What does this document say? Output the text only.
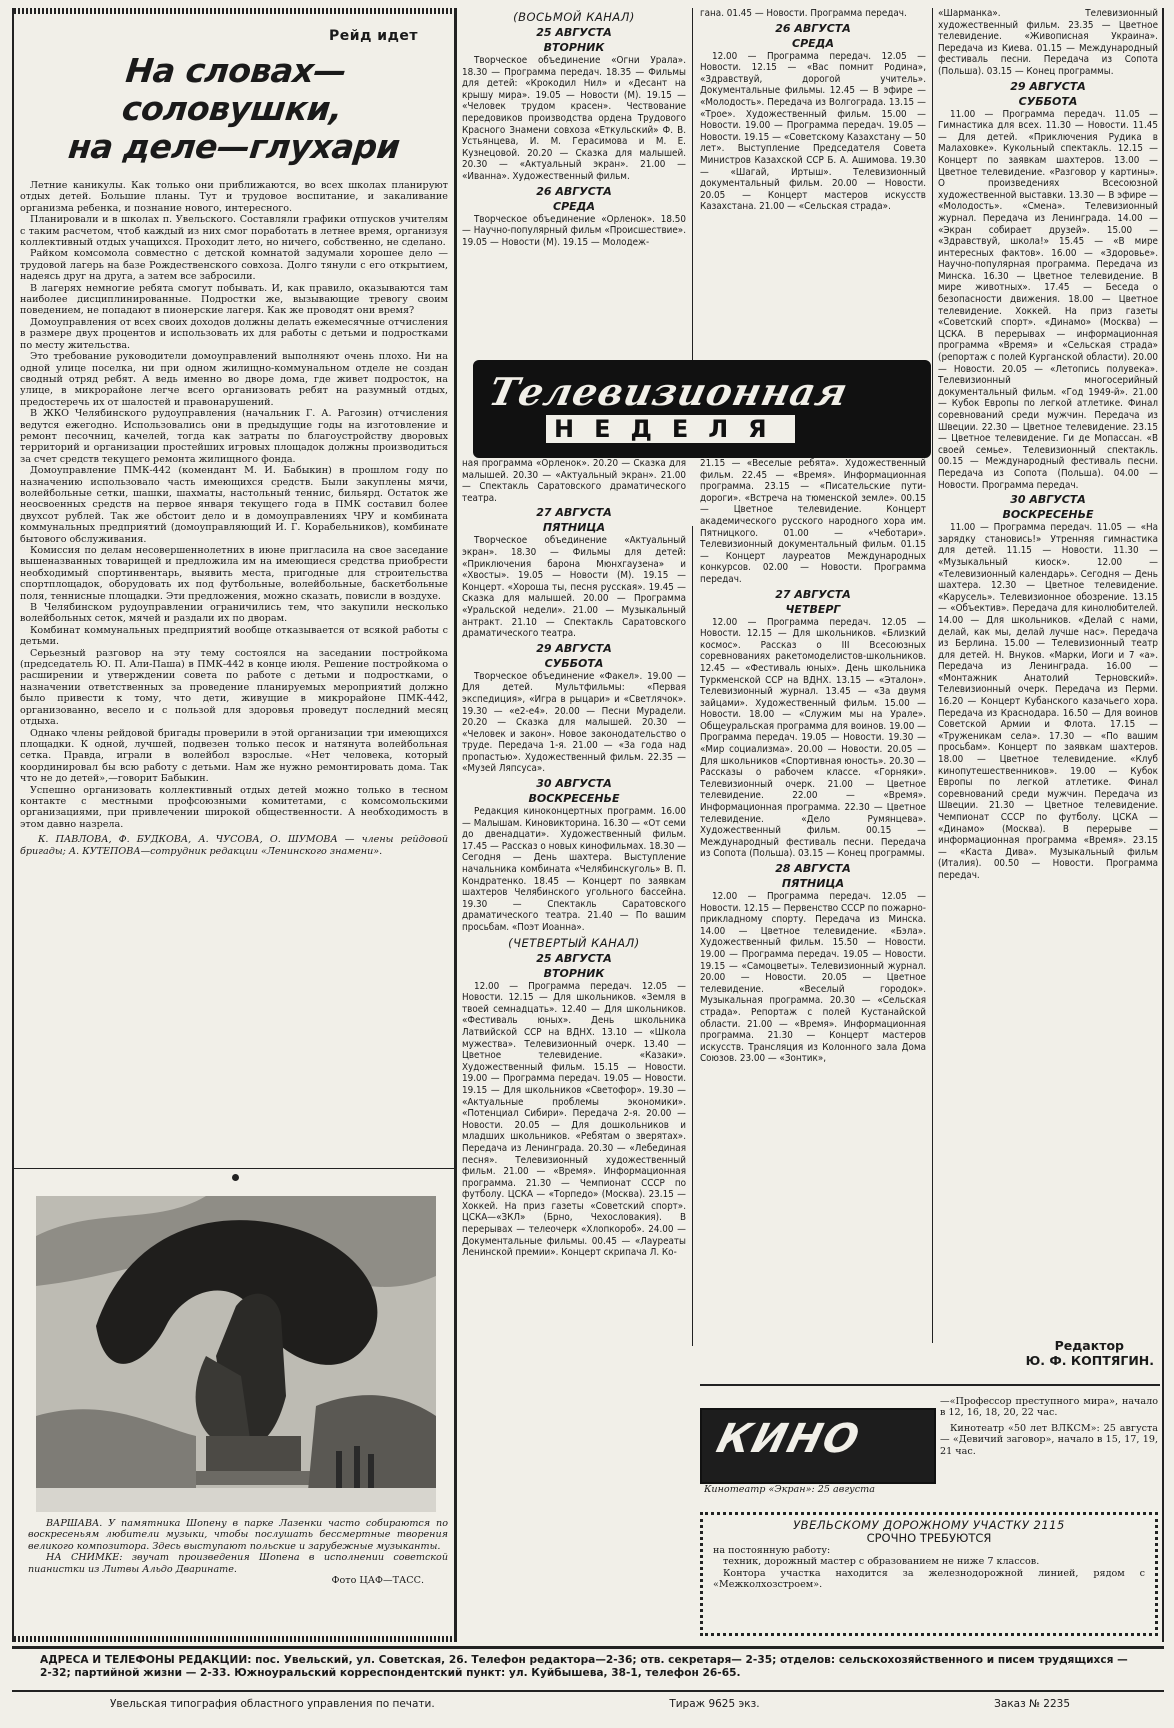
Рейд идет
На словах—соловушки,
на деле—глухари

Летние каникулы. Как только они приближаются, во всех школах планируют отдых детей. Большие планы. Тут и трудовое воспитание, и закаливание организма ребенка, и познание нового, интересного.

Планировали и в школах п. Увельского. Составляли графики отпусков учителям с таким расчетом, чтоб каждый из них смог поработать в летнее время, организуя коллективный отдых учащихся. Проходит лето, но ничего, собственно, не сделано.

Райком комсомола совместно с детской комнатой задумали хорошее дело — трудовой лагерь на базе Рождественского совхоза. Долго тянули с его открытием, надеясь друг на друга, а затем все забросили.

В лагерях немногие ребята смогут побывать. И, как правило, оказываются там наиболее дисциплинированные. Подростки же, вызывающие тревогу своим поведением, не попадают в пионерские лагеря. Как же проводят они время?

Домоуправления от всех своих доходов должны делать ежемесячные отчисления в размере двух процентов и использовать их для работы с детьми и подростками по месту жительства.

Это требование руководители домоуправлений выполняют очень плохо. Ни на одной улице поселка, ни при одном жилищно-коммунальном отделе не создан сводный отряд ребят. А ведь именно во дворе дома, где живет подросток, на улице, в микрорайоне легче всего организовать ребят на разумный отдых, предостеречь их от шалостей и правонарушений.

В ЖКО Челябинского рудоуправления (начальник Г. А. Рагозин) отчисления ведутся ежегодно. Использовались они в предыдущие годы на изготовление и ремонт песочниц, качелей, тогда как затраты по благоустройству дворовых территорий и организации простейших игровых площадок должны производиться за счет средств текущего ремонта жилищного фонда.

Домоуправление ПМК-442 (комендант М. И. Бабыкин) в прошлом году по назначению использовало часть имеющихся средств. Были закуплены мячи, волейбольные сетки, шашки, шахматы, настольный теннис, бильярд. Остаток же неосвоенных средств на первое января текущего года в ПМК составил более двухсот рублей. Так же обстоит дело и в домоуправлениях ЧРУ и комбината коммунальных предприятий (домоуправляющий И. Г. Корабельников), комбинате бытового обслуживания.

Комиссия по делам несовершеннолетних в июне пригласила на свое заседание вышеназванных товарищей и предложила им на имеющиеся средства приобрести необходимый спортинвентарь, выявить места, пригодные для строительства спортплощадок, оборудовать их под футбольные, волейбольные, баскетбольные поля, теннисные площадки. Эти предложения, можно сказать, повисли в воздухе.

В Челябинском рудоуправлении ограничились тем, что закупили несколько волейбольных сеток, мячей и раздали их по дворам.

Комбинат коммунальных предприятий вообще отказывается от всякой работы с детьми.

Серьезный разговор на эту тему состоялся на заседании постройкома (председатель Ю. П. Али-Паша) в ПМК-442 в конце июля. Решение постройкома о расширении и утверждении совета по работе с детьми и подростками, о назначении ответственных за проведение планируемых мероприятий должно было привести к тому, что дети, живущие в микрорайоне ПМК-442, организованно, весело и с пользой для здоровья проведут последний месяц отдыха.

Однако члены рейдовой бригады проверили в этой организации три имеющихся площадки. К одной, лучшей, подвезен только песок и натянута волейбольная сетка. Правда, играли в волейбол взрослые. «Нет человека, который координировал бы всю работу с детьми. Нам же нужно ремонтировать дома. Так что не до детей»,—говорит Бабыкин.

Успешно организовать коллективный отдых детей можно только в тесном контакте с местными профсоюзными комитетами, с комсомольскими организациями, при привлечении широкой общественности. А необходимость в этом давно назрела.

К. ПАВЛОВА, Ф. БУДКОВА, А. ЧУСОВА, О. ШУМОВА — члены рейдовой бригады; А. КУТЕПОВА—сотрудник редакции «Ленинского знамени».

ВАРШАВА. У памятника Шопену в парке Лазенки часто собираются по воскресеньям любители музыки, чтобы послушать бессмертные творения великого композитора. Здесь выступают польские и зарубежные музыканты.

НА СНИМКЕ: звучат произведения Шопена в исполнении советской пианистки из Литвы Альдо Дваринате.

Фото ЦАФ—ТАСС.

(ВОСЬМОЙ КАНАЛ)
25 АВГУСТА
ВТОРНИК

Творческое объединение «Огни Урала». 18.30 — Программа передач. 18.35 — Фильмы для детей: «Крокодил Нил» и «Десант на крышу мира». 19.05 — Новости (М). 19.15 — «Человек трудом красен». Чествование передовиков производства ордена Трудового Красного Знамени совхоза «Еткульский» Ф. В. Устьянцева, И. М. Герасимова и М. Е. Кузнецовой. 20.20 — Сказка для малышей. 20.30 — «Актуальный экран». 21.00 — «Иванна». Художественный фильм.

26 АВГУСТА
СРЕДА

Творческое объединение «Орленок». 18.50 — Научно-популярный фильм «Происшествие». 19.05 — Новости (М). 19.15 — Молодеж-

гана. 01.45 — Новости. Программа передач.

26 АВГУСТА
СРЕДА

12.00 — Программа передач. 12.05 — Новости. 12.15 — «Вас помнит Родина», «Здравствуй, дорогой учитель». Документальные фильмы. 12.45 — В эфире — «Молодость». Передача из Волгограда. 13.15 — «Трое». Художественный фильм. 15.00 — Новости. 19.00 — Программа передач. 19.05 — Новости. 19.15 — «Советскому Казахстану — 50 лет». Выступление Председателя Совета Министров Казахской ССР Б. А. Ашимова. 19.30 — «Шагай, Иртыш». Телевизионный документальный фильм. 20.00 — Новости. 20.05 — Концерт мастеров искусств Казахстана. 21.00 — «Сельская страда».

Телевизионная
НЕДЕЛЯ

ная программа «Орленок». 20.20 — Сказка для малышей. 20.30 — «Актуальный экран». 21.00 — Спектакль Саратовского драматического театра.

27 АВГУСТА
ПЯТНИЦА

Творческое объединение «Актуальный экран». 18.30 — Фильмы для детей: «Приключения барона Мюнхгаузена» и «Хвосты». 19.05 — Новости (М). 19.15 — Концерт. «Хороша ты, песня русская». 19.45 — Сказка для малышей. 20.00 — Программа «Уральской недели». 21.00 — Музыкальный антракт. 21.10 — Спектакль Саратовского драматического театра.

29 АВГУСТА
СУББОТА

Творческое объединение «Факел». 19.00 — Для детей. Мультфильмы: «Первая экспедиция», «Игра в рыцари» и «Светлячок». 19.30 — «е2-е4». 20.00 — Песни Мурадели. 20.20 — Сказка для малышей. 20.30 — «Человек и закон». Новое законодательство о труде. Передача 1-я. 21.00 — «За года над пропастью». Художественный фильм. 22.35 — «Музей Ляпсуса».

30 АВГУСТА
ВОСКРЕСЕНЬЕ

Редакция киноконцертных программ. 16.00 — Малышам. Киновикторина. 16.30 — «От семи до двенадцати». Художественный фильм. 17.45 — Рассказ о новых кинофильмах. 18.30 — Сегодня — День шахтера. Выступление начальника комбината «Челябинскуголь» В. П. Кондратенко. 18.45 — Концерт по заявкам шахтеров Челябинского угольного бассейна. 19.30 — Спектакль Саратовского драматического театра. 21.40 — По вашим просьбам. «Поэт Иоанна».

(ЧЕТВЕРТЫЙ КАНАЛ)
25 АВГУСТА
ВТОРНИК

12.00 — Программа передач. 12.05 — Новости. 12.15 — Для школьников. «Земля в твоей семнадцать». 12.40 — Для школьников. «Фестиваль юных». День школьника Латвийской ССР на ВДНХ. 13.10 — «Школа мужества». Телевизионный очерк. 13.40 — Цветное телевидение. «Казаки». Художественный фильм. 15.15 — Новости. 19.00 — Программа передач. 19.05 — Новости. 19.15 — Для школьников «Светофор». 19.30 — «Актуальные проблемы экономики». «Потенциал Сибири». Передача 2-я. 20.00 — Новости. 20.05 — Для дошкольников и младших школьников. «Ребятам о зверятах». Передача из Ленинграда. 20.30 — «Лебединая песня». Телевизионный художественный фильм. 21.00 — «Время». Информационная программа. 21.30 — Чемпионат СССР по футболу. ЦСКА — «Торпедо» (Москва). 23.15 — Хоккей. На приз газеты «Советский спорт». ЦСКА—«ЗКЛ» (Брно, Чехословакия). В перерывах — телеочерк «Хлопкороб». 24.00 — Документальные фильмы. 00.45 — «Лауреаты Ленинской премии». Концерт скрипача Л. Ко-

21.15 — «Веселые ребята». Художественный фильм. 22.45 — «Время». Информационная программа. 23.15 — «Писательские пути-дороги». «Встреча на тюменской земле». 00.15 — Цветное телевидение. Концерт академического русского народного хора им. Пятницкого. 01.00 — «Чеботари». Телевизионный документальный фильм. 01.15 — Концерт лауреатов Международных конкурсов. 02.00 — Новости. Программа передач.

27 АВГУСТА
ЧЕТВЕРГ

12.00 — Программа передач. 12.05 — Новости. 12.15 — Для школьников. «Близкий космос». Рассказ о III Всесоюзных соревнованиях ракетомоделистов-школьников. 12.45 — «Фестиваль юных». День школьника Туркменской ССР на ВДНХ. 13.15 — «Эталон». Телевизионный журнал. 13.45 — «За двумя зайцами». Художественный фильм. 15.00 — Новости. 18.00 — «Служим мы на Урале». Общеуральская программа для воинов. 19.00 — Программа передач. 19.05 — Новости. 19.30 — «Мир социализма». 20.00 — Новости. 20.05 — Для школьников «Спортивная юность». 20.30 — Рассказы о рабочем классе. «Горняки». Телевизионный очерк. 21.00 — Цветное телевидение. 22.00 — «Время». Информационная программа. 22.30 — Цветное телевидение. «Дело Румянцева». Художественный фильм. 00.15 — Международный фестиваль песни. Передача из Сопота (Польша). 03.15 — Конец программы.

28 АВГУСТА
ПЯТНИЦА

12.00 — Программа передач. 12.05 — Новости. 12.15 — Первенство СССР по пожарно-прикладному спорту. Передача из Минска. 14.00 — Цветное телевидение. «Бэла». Художественный фильм. 15.50 — Новости. 19.00 — Программа передач. 19.05 — Новости. 19.15 — «Самоцветы». Телевизионный журнал. 20.00 — Новости. 20.05 — Цветное телевидение. «Веселый городок». Музыкальная программа. 20.30 — «Сельская страда». Репортаж с полей Кустанайской области. 21.00 — «Время». Информационная программа. 21.30 — Концерт мастеров искусств. Трансляция из Колонного зала Дома Союзов. 23.00 — «Зонтик»,

«Шарманка». Телевизионный художественный фильм. 23.35 — Цветное телевидение. «Живописная Украина». Передача из Киева. 01.15 — Международный фестиваль песни. Передача из Сопота (Польша). 03.15 — Конец программы.

29 АВГУСТА
СУББОТА

11.00 — Программа передач. 11.05 — Гимнастика для всех. 11.30 — Новости. 11.45 — Для детей. «Приключения Рудика в Малаховке». Кукольный спектакль. 12.15 — Концерт по заявкам шахтеров. 13.00 — Цветное телевидение. «Разговор у картины». О произведениях Всесоюзной художественной выставки. 13.30 — В эфире — «Молодость». «Смена». Телевизионный журнал. Передача из Ленинграда. 14.00 — «Экран собирает друзей». 15.00 — «Здравствуй, школа!» 15.45 — «В мире интересных фактов». 16.00 — «Здоровье». Научно-популярная программа. Передача из Минска. 16.30 — Цветное телевидение. В мире животных». 17.45 — Беседа о безопасности движения. 18.00 — Цветное телевидение. Хоккей. На приз газеты «Советский спорт». «Динамо» (Москва) — ЦСКА. В перерывах — информационная программа «Время» и «Сельская страда» (репортаж с полей Курганской области). 20.00 — Новости. 20.05 — «Летопись полувека». Телевизионный многосерийный документальный фильм. «Год 1949-й». 21.00 — Кубок Европы по легкой атлетике. Финал соревнований среди мужчин. Передача из Швеции. 22.30 — Цветное телевидение. 23.15 — Цветное телевидение. Ги де Мопассан. «В своей семье». Телевизионный спектакль. 00.15 — Международный фестиваль песни. Передача из Сопота (Польша). 04.00 — Новости. Программа передач.

30 АВГУСТА
ВОСКРЕСЕНЬЕ

11.00 — Программа передач. 11.05 — «На зарядку становись!» Утренняя гимнастика для детей. 11.15 — Новости. 11.30 — «Музыкальный киоск». 12.00 — «Телевизионный календарь». Сегодня — День шахтера. 12.30 — Цветное телевидение. «Карусель». Телевизионное обозрение. 13.15 — «Объектив». Передача для кинолюбителей. 14.00 — Для школьников. «Делай с нами, делай, как мы, делай лучше нас». Передача из Берлина. 15.00 — Телевизионный театр для детей. Н. Внуков. «Марки, Иоги и 7 «а». Передача из Ленинграда. 16.00 — «Монтажник Анатолий Терновский». Телевизионный очерк. Передача из Перми. 16.20 — Концерт Кубанского казачьего хора. Передача из Краснодара. 16.50 — Для воинов Советской Армии и Флота. 17.15 — «Труженикам села». 17.30 — «По вашим просьбам». Концерт по заявкам шахтеров. 18.00 — Цветное телевидение. «Клуб кинопутешественников». 19.00 — Кубок Европы по легкой атлетике. Финал соревнований среди мужчин. Передача из Швеции. 21.30 — Цветное телевидение. Чемпионат СССР по футболу. ЦСКА — «Динамо» (Москва). В перерыве — информационная программа «Время». 23.15 — «Каста Дива». Музыкальный фильм (Италия). 00.50 — Новости. Программа передач.

Редактор
Ю. Ф. КОПТЯГИН.
КИНО

Кинотеатр «Экран»: 25 августа

—«Профессор преступного мира», начало в 12, 16, 18, 20, 22 час.

Кинотеатр «50 лет ВЛКСМ»: 25 августа — «Девичий заговор», начало в 15, 17, 19, 21 час.

УВЕЛЬСКОМУ ДОРОЖНОМУ УЧАСТКУ 2115
СРОЧНО ТРЕБУЮТСЯ

на постоянную работу:

техник, дорожный мастер с образованием не ниже 7 классов.

Контора участка находится за железнодорожной линией, рядом с «Межколхозстроем».

АДРЕСА И ТЕЛЕФОНЫ РЕДАКЦИИ: пос. Увельский, ул. Советская, 26. Телефон редактора—2-36; отв. секретаря— 2-35; отделов: сельскохозяйственного и писем трудящихся — 2-32; партийной жизни — 2-33. Южноуральский корреспондентский пункт: ул. Куйбышева, 38-1, телефон 26-65.
Увельская типография областного управления по печати.	Тираж 9625 экз.	Заказ № 2235
